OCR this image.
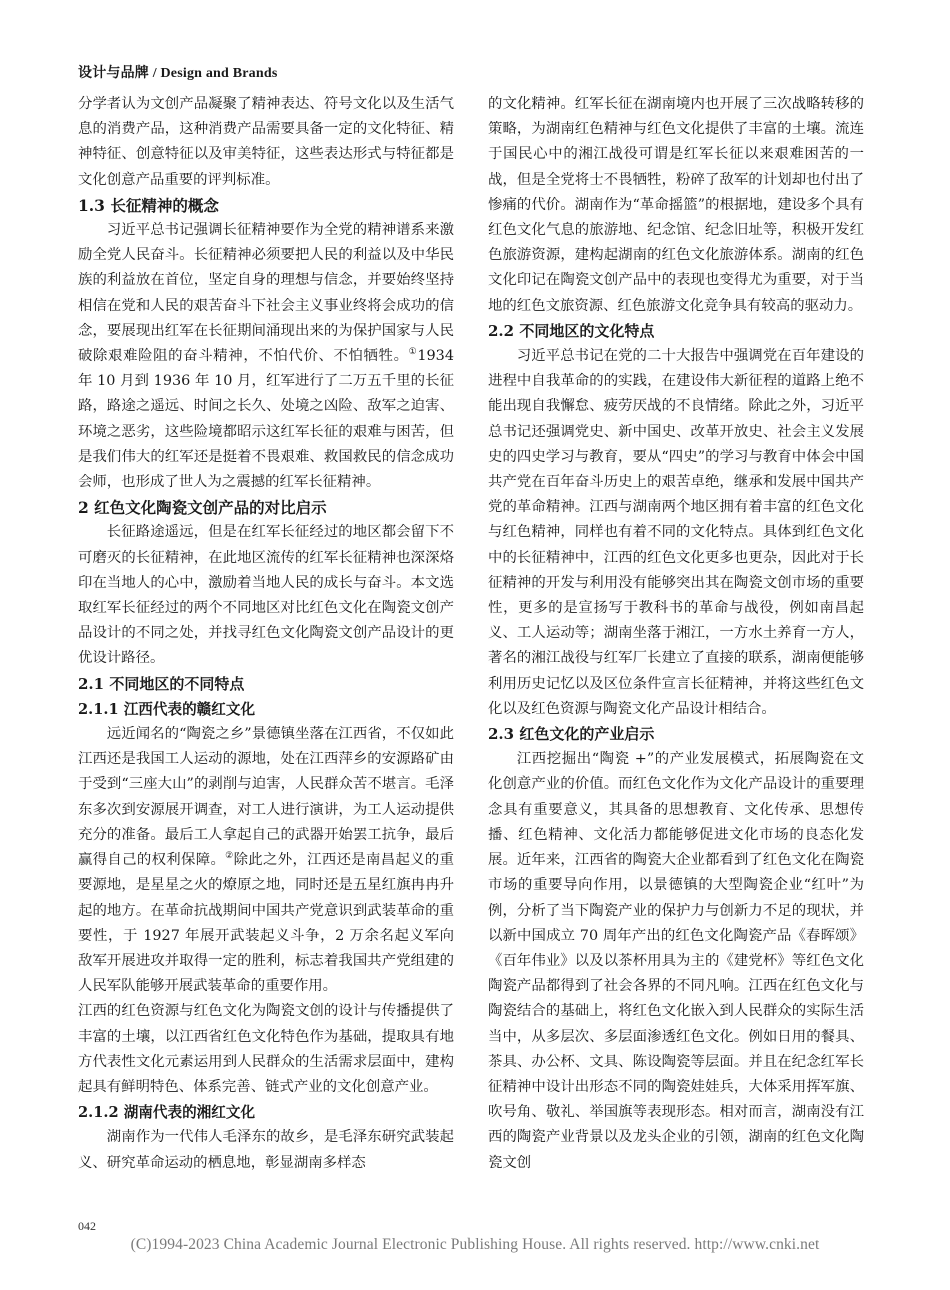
设计与品牌 / Design and Brands

分学者认为文创产品凝聚了精神表达、符号文化以及生活气息的消费产品，这种消费产品需要具备一定的文化特征、精神特征、创意特征以及审美特征，这些表达形式与特征都是文化创意产品重要的评判标准。

1.3 长征精神的概念

习近平总书记强调长征精神要作为全党的精神谱系来激励全党人民奋斗。长征精神必须要把人民的利益以及中华民族的利益放在首位，坚定自身的理想与信念，并要始终坚持相信在党和人民的艰苦奋斗下社会主义事业终将会成功的信念，要展现出红军在长征期间涌现出来的为保护国家与人民破除艰难险阻的奋斗精神，不怕代价、不怕牺牲。①1934 年 10 月到 1936 年 10 月，红军进行了二万五千里的长征路，路途之遥远、时间之长久、处境之凶险、敌军之迫害、环境之恶劣，这些险境都昭示这红军长征的艰难与困苦，但是我们伟大的红军还是挺着不畏艰难、救国救民的信念成功会师，也形成了世人为之震撼的红军长征精神。

2 红色文化陶瓷文创产品的对比启示

长征路途遥远，但是在红军长征经过的地区都会留下不可磨灭的长征精神，在此地区流传的红军长征精神也深深烙印在当地人的心中，激励着当地人民的成长与奋斗。本文选取红军长征经过的两个不同地区对比红色文化在陶瓷文创产品设计的不同之处，并找寻红色文化陶瓷文创产品设计的更优设计路径。

2.1 不同地区的不同特点
2.1.1 江西代表的赣红文化

远近闻名的“陶瓷之乡”景德镇坐落在江西省，不仅如此江西还是我国工人运动的源地，处在江西萍乡的安源路矿由于受到“三座大山”的剥削与迫害，人民群众苦不堪言。毛泽东多次到安源展开调查，对工人进行演讲，为工人运动提供充分的准备。最后工人拿起自己的武器开始罢工抗争，最后赢得自己的权利保障。②除此之外，江西还是南昌起义的重要源地，是星星之火的燎原之地，同时还是五星红旗冉冉升起的地方。在革命抗战期间中国共产党意识到武装革命的重要性，于 1927 年展开武装起义斗争，2 万余名起义军向敌军开展进攻并取得一定的胜利，标志着我国共产党组建的人民军队能够开展武装革命的重要作用。

江西的红色资源与红色文化为陶瓷文创的设计与传播提供了丰富的土壤，以江西省红色文化特色作为基础，提取具有地方代表性文化元素运用到人民群众的生活需求层面中，建构起具有鲜明特色、体系完善、链式产业的文化创意产业。

2.1.2 湖南代表的湘红文化

湖南作为一代伟人毛泽东的故乡，是毛泽东研究武装起义、研究革命运动的栖息地，彰显湖南多样态

的文化精神。红军长征在湖南境内也开展了三次战略转移的策略，为湖南红色精神与红色文化提供了丰富的土壤。流连于国民心中的湘江战役可谓是红军长征以来艰难困苦的一战，但是全党将士不畏牺牲，粉碎了敌军的计划却也付出了惨痛的代价。湖南作为“革命摇篮”的根据地，建设多个具有红色文化气息的旅游地、纪念馆、纪念旧址等，积极开发红色旅游资源，建构起湖南的红色文化旅游体系。湖南的红色文化印记在陶瓷文创产品中的表现也变得尤为重要，对于当地的红色文旅资源、红色旅游文化竞争具有较高的驱动力。

2.2 不同地区的文化特点

习近平总书记在党的二十大报告中强调党在百年建设的进程中自我革命的的实践，在建设伟大新征程的道路上绝不能出现自我懈怠、疲劳厌战的不良情绪。除此之外，习近平总书记还强调党史、新中国史、改革开放史、社会主义发展史的四史学习与教育，要从“四史”的学习与教育中体会中国共产党在百年奋斗历史上的艰苦卓绝，继承和发展中国共产党的革命精神。江西与湖南两个地区拥有着丰富的红色文化与红色精神，同样也有着不同的文化特点。具体到红色文化中的长征精神中，江西的红色文化更多也更杂，因此对于长征精神的开发与利用没有能够突出其在陶瓷文创市场的重要性，更多的是宣扬写于教科书的革命与战役，例如南昌起义、工人运动等；湖南坐落于湘江，一方水土养育一方人，著名的湘江战役与红军厂长建立了直接的联系，湖南便能够利用历史记忆以及区位条件宣言长征精神，并将这些红色文化以及红色资源与陶瓷文化产品设计相结合。

2.3 红色文化的产业启示

江西挖掘出“陶瓷 +”的产业发展模式，拓展陶瓷在文化创意产业的价值。而红色文化作为文化产品设计的重要理念具有重要意义，其具备的思想教育、文化传承、思想传播、红色精神、文化活力都能够促进文化市场的良态化发展。近年来，江西省的陶瓷大企业都看到了红色文化在陶瓷市场的重要导向作用，以景德镇的大型陶瓷企业“红叶”为例，分析了当下陶瓷产业的保护力与创新力不足的现状，并以新中国成立 70 周年产出的红色文化陶瓷产品《春晖颂》《百年伟业》以及以茶杯用具为主的《建党杯》等红色文化陶瓷产品都得到了社会各界的不同凡响。江西在红色文化与陶瓷结合的基础上，将红色文化嵌入到人民群众的实际生活当中，从多层次、多层面渗透红色文化。例如日用的餐具、茶具、办公杯、文具、陈设陶瓷等层面。并且在纪念红军长征精神中设计出形态不同的陶瓷娃娃兵，大体采用挥军旗、吹号角、敬礼、举国旗等表现形态。相对而言，湖南没有江西的陶瓷产业背景以及龙头企业的引领，湖南的红色文化陶瓷文创

042
(C)1994-2023 China Academic Journal Electronic Publishing House. All rights reserved. http://www.cnki.net
